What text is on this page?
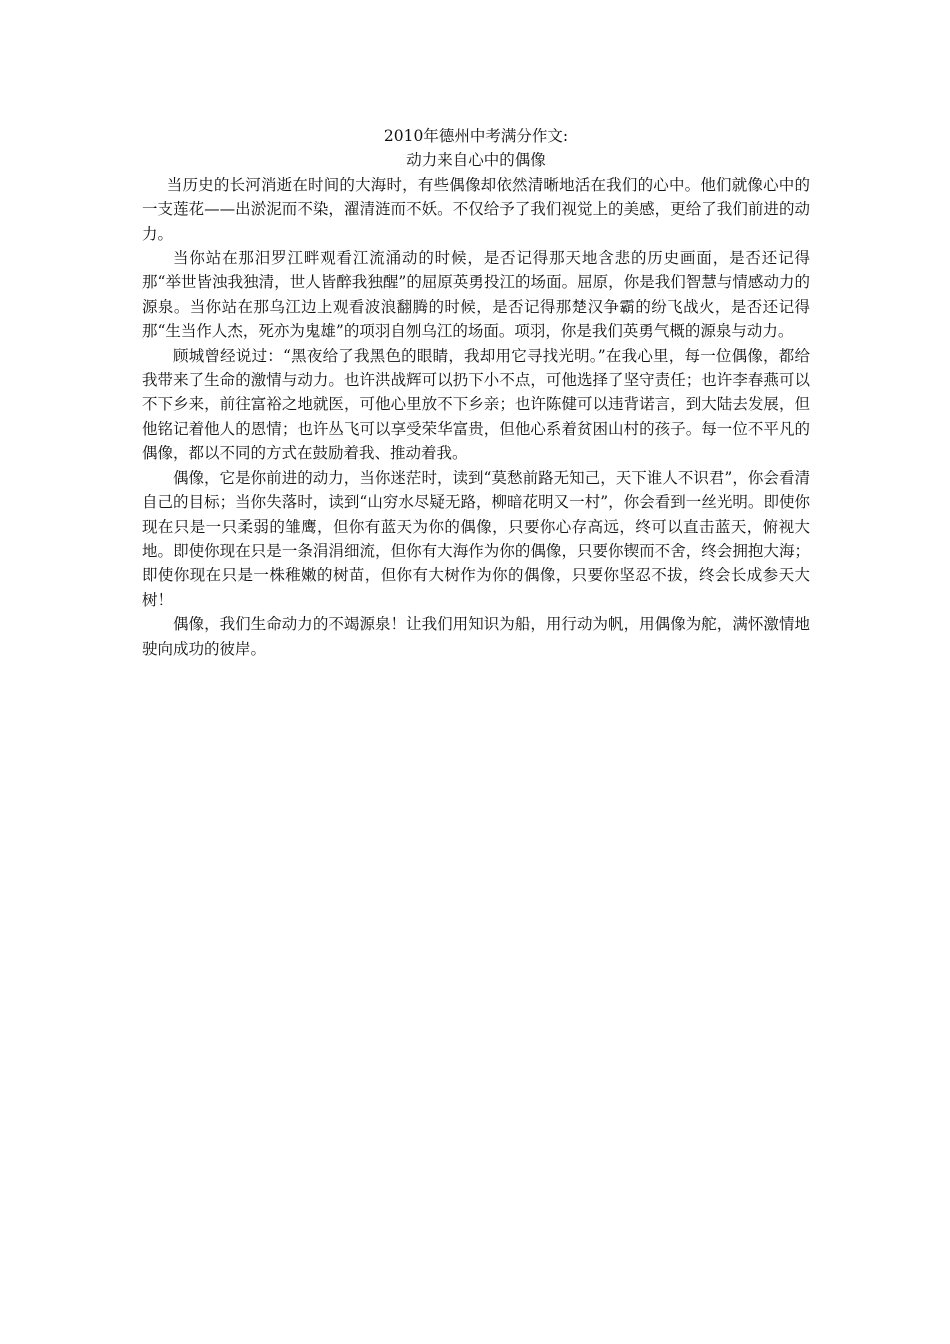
2010年德州中考满分作文:

动力来自心中的偶像

当历史的长河消逝在时间的大海时，有些偶像却依然清晰地活在我们的心中。他们就像心中的一支莲花——出淤泥而不染，濯清涟而不妖。不仅给予了我们视觉上的美感，更给了我们前进的动力。

当你站在那汨罗江畔观看江流涌动的时候，是否记得那天地含悲的历史画面，是否还记得那“举世皆浊我独清，世人皆醉我独醒”的屈原英勇投江的场面。屈原，你是我们智慧与情感动力的源泉。当你站在那乌江边上观看波浪翻腾的时候，是否记得那楚汉争霸的纷飞战火，是否还记得那“生当作人杰，死亦为鬼雄”的项羽自刎乌江的场面。项羽，你是我们英勇气概的源泉与动力。

顾城曾经说过：“黑夜给了我黑色的眼睛，我却用它寻找光明。”在我心里，每一位偶像，都给我带来了生命的激情与动力。也许洪战辉可以扔下小不点，可他选择了坚守责任；也许李春燕可以不下乡来，前往富裕之地就医，可他心里放不下乡亲；也许陈健可以违背诺言，到大陆去发展，但他铭记着他人的恩情；也许丛飞可以享受荣华富贵，但他心系着贫困山村的孩子。每一位不平凡的偶像，都以不同的方式在鼓励着我、推动着我。

偶像，它是你前进的动力，当你迷茫时，读到“莫愁前路无知己，天下谁人不识君”，你会看清自己的目标；当你失落时，读到“山穷水尽疑无路，柳暗花明又一村”，你会看到一丝光明。即使你现在只是一只柔弱的雏鹰，但你有蓝天为你的偶像，只要你心存高远，终可以直击蓝天，俯视大地。即使你现在只是一条涓涓细流，但你有大海作为你的偶像，只要你锲而不舍，终会拥抱大海；即使你现在只是一株稚嫩的树苗，但你有大树作为你的偶像，只要你坚忍不拔，终会长成参天大树！

偶像，我们生命动力的不竭源泉！让我们用知识为船，用行动为帆，用偶像为舵，满怀激情地驶向成功的彼岸。
